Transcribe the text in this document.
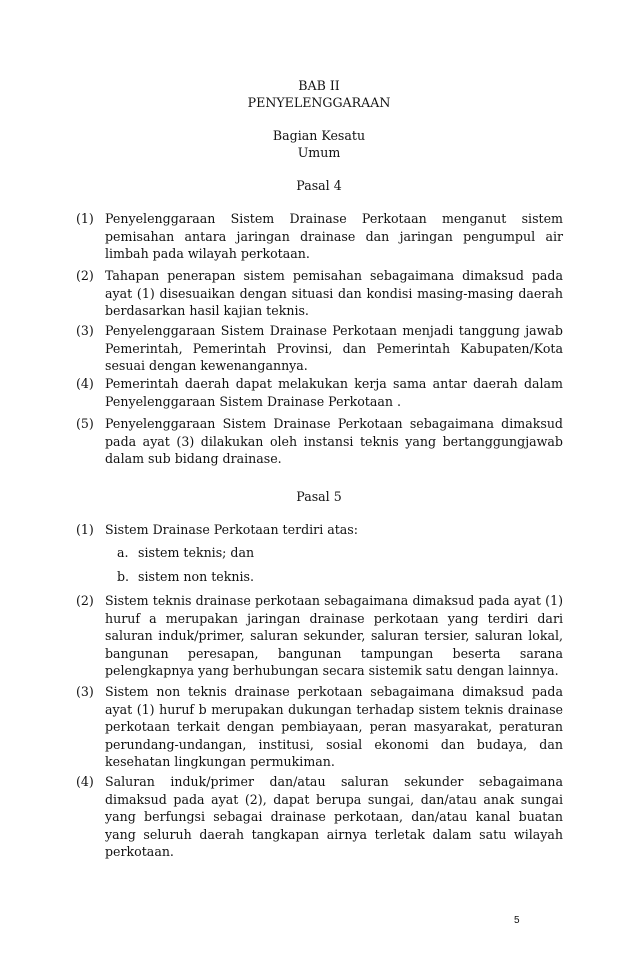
BAB II
PENYELENGGARAAN
Bagian Kesatu
Umum
Pasal 4
(1) Penyelenggaraan Sistem Drainase Perkotaan menganut sistem pemisahan antara jaringan drainase dan jaringan pengumpul air limbah pada wilayah perkotaan.
(2) Tahapan penerapan sistem pemisahan sebagaimana dimaksud pada ayat (1) disesuaikan dengan situasi dan kondisi masing-masing daerah berdasarkan hasil kajian teknis.
(3) Penyelenggaraan Sistem Drainase Perkotaan menjadi tanggung jawab Pemerintah, Pemerintah Provinsi, dan Pemerintah Kabupaten/Kota sesuai dengan kewenangannya.
(4) Pemerintah daerah dapat melakukan kerja sama antar daerah dalam Penyelenggaraan Sistem Drainase Perkotaan .
(5) Penyelenggaraan Sistem Drainase Perkotaan sebagaimana dimaksud pada ayat (3) dilakukan oleh instansi teknis yang bertanggungjawab dalam sub bidang drainase.
Pasal 5
(1) Sistem Drainase Perkotaan terdiri atas:
a. sistem teknis; dan
b. sistem non teknis.
(2) Sistem teknis drainase perkotaan sebagaimana dimaksud pada ayat (1) huruf a merupakan jaringan drainase perkotaan yang terdiri dari saluran induk/primer, saluran sekunder, saluran tersier, saluran lokal, bangunan peresapan, bangunan tampungan beserta sarana pelengkapnya yang berhubungan secara sistemik satu dengan lainnya.
(3) Sistem non teknis drainase perkotaan sebagaimana dimaksud pada ayat (1) huruf b merupakan dukungan terhadap sistem teknis drainase perkotaan terkait dengan pembiayaan, peran masyarakat, peraturan perundang-undangan, institusi, sosial ekonomi dan budaya, dan kesehatan lingkungan permukiman.
(4) Saluran induk/primer dan/atau saluran sekunder sebagaimana dimaksud pada ayat (2), dapat berupa sungai, dan/atau anak sungai yang berfungsi sebagai drainase perkotaan, dan/atau kanal buatan yang seluruh daerah tangkapan airnya terletak dalam satu wilayah perkotaan.
5
